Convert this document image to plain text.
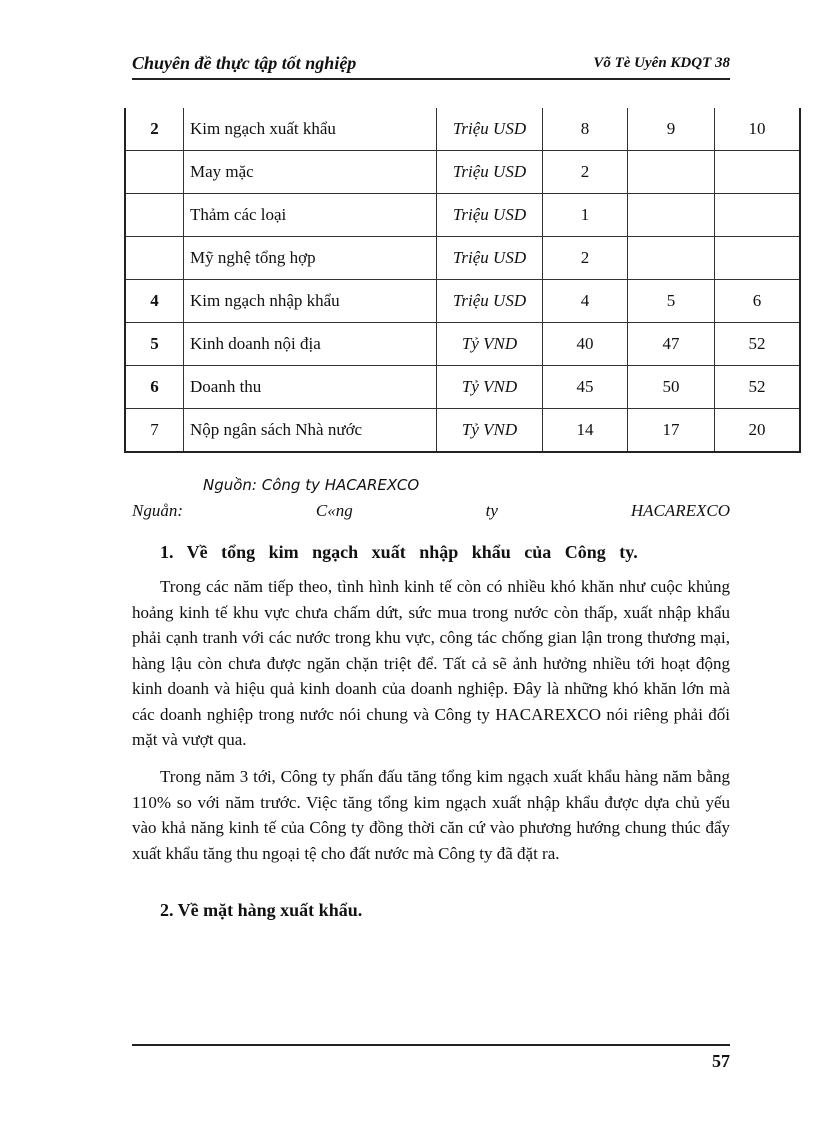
Chuyên đề thực tập tốt nghiệp	Võ Tè Uyên KDQT 38
2	Kim ngạch xuất khẩu	Triệu USD	8	9	10
	May mặc	Triệu USD	2		
	Thảm các loại	Triệu USD	1		
	Mỹ nghệ tổng hợp	Triệu USD	2		
4	Kim ngạch nhập khẩu	Triệu USD	4	5	6
5	Kinh doanh nội địa	Tỷ VND	40	47	52
6	Doanh thu	Tỷ VND	45	50	52
7	Nộp ngân sách Nhà nước	Tỷ VND	14	17	20
Nguồn: Công ty HACAREXCO
Nguån:	C«ng	ty	HACAREXCO
1. Về tổng kim ngạch xuất nhập khẩu của Công ty.

Trong các năm tiếp theo, tình hình kinh tế còn có nhiều khó khăn như cuộc khủng hoảng kinh tế khu vực chưa chấm dứt, sức mua trong nước còn thấp, xuất nhập khẩu phải cạnh tranh với các nước trong khu vực, công tác chống gian lận trong thương mại, hàng lậu còn chưa được ngăn chặn triệt để. Tất cả sẽ ảnh hưởng nhiều tới hoạt động kinh doanh và hiệu quả kinh doanh của doanh nghiệp. Đây là những khó khăn lớn mà các doanh nghiệp trong nước nói chung và Công ty HACAREXCO nói riêng phải đối mặt và vượt qua.

Trong năm 3 tới, Công ty phấn đấu tăng tổng kim ngạch xuất khẩu hàng năm bằng 110% so với năm trước. Việc tăng tổng kim ngạch xuất nhập khẩu được dựa chủ yếu vào khả năng kinh tế của Công ty đồng thời căn cứ vào phương hướng chung thúc đẩy xuất khẩu tăng thu ngoại tệ cho đất nước mà Công ty đã đặt ra.

2. Về mặt hàng xuất khẩu.
57
